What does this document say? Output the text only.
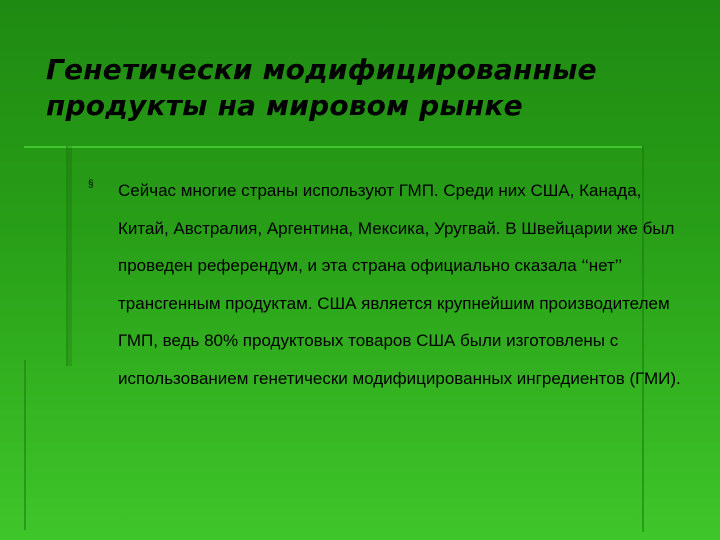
Генетически модифицированные продукты на мировом рынке
§ Сейчас многие страны используют ГМП. Среди них США, Канада, Китай, Австралия, Аргентина, Мексика, Уругвай. В Швейцарии же был проведен референдум, и эта страна официально сказала ‘‘нет’’ трансгенным продуктам. США является крупнейшим производителем ГМП, ведь 80% продуктовых товаров США были изготовлены с использованием генетически модифицированных ингредиентов (ГМИ).
